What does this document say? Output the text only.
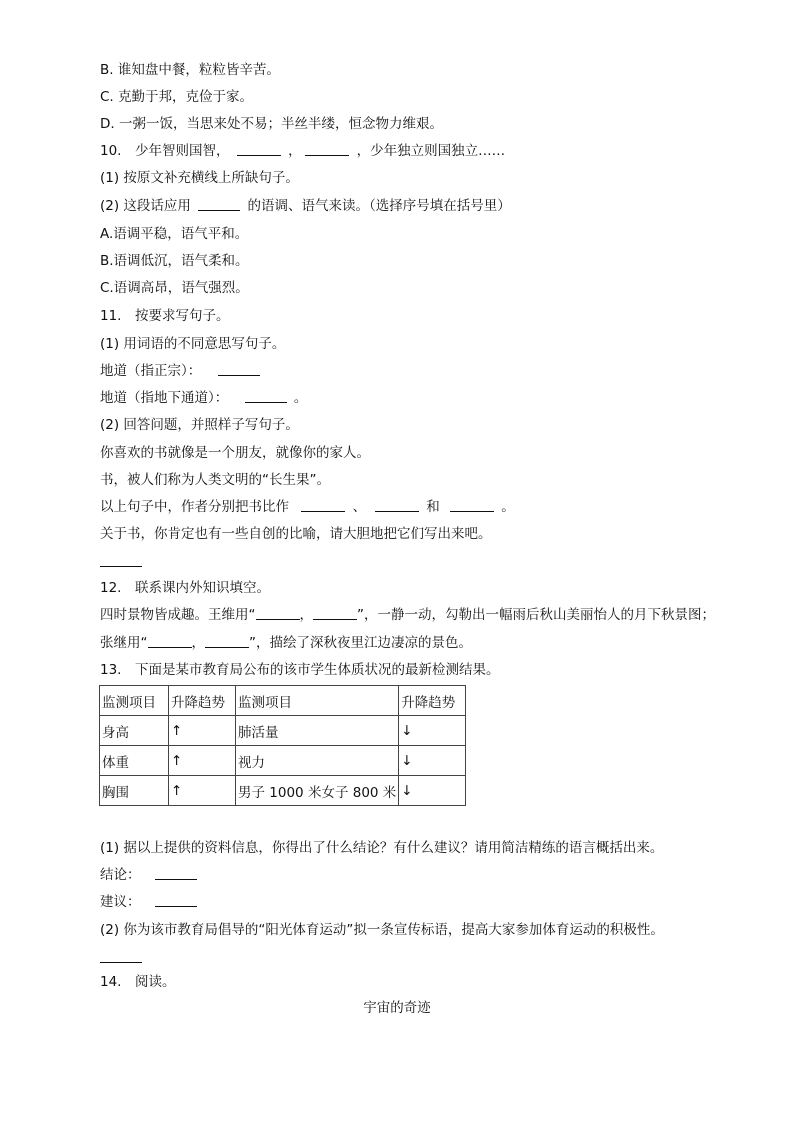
B. 谁知盘中餐，粒粒皆辛苦。
C. 克勤于邦，克俭于家。
D. 一粥一饭，当思来处不易；半丝半缕，恒念物力维艰。
10.　少年智则国智，	，	，少年独立则国独立……
(1) 按原文补充横线上所缺句子。
(2) 这段话应用	的语调、语气来读。（选择序号填在括号里）
A.语调平稳，语气平和。
B.语调低沉，语气柔和。
C.语调高昂，语气强烈。
11.　按要求写句子。
(1) 用词语的不同意思写句子。
地道（指正宗）：
地道（指地下通道）：	。
(2) 回答问题，并照样子写句子。
你喜欢的书就像是一个朋友，就像你的家人。
书，被人们称为人类文明的“长生果”。
以上句子中，作者分别把书比作	、	和	。
关于书，你肯定也有一些自创的比喻，请大胆地把它们写出来吧。
12.　联系课内外知识填空。
四时景物皆成趣。王维用“	，	”，一静一动，勾勒出一幅雨后秋山美丽怡人的月下秋景图；
张继用“	，	”，描绘了深秋夜里江边凄凉的景色。
13.　下面是某市教育局公布的该市学生体质状况的最新检测结果。
监测项目	升降趋势	监测项目	升降趋势
身高	↑	肺活量	↓
体重	↑	视力	↓
胸围	↑	男子 1000 米女子 800 米	↓
(1) 据以上提供的资料信息，你得出了什么结论？有什么建议？请用简洁精练的语言概括出来。
结论：
建议：
(2) 你为该市教育局倡导的“阳光体育运动”拟一条宣传标语，提高大家参加体育运动的积极性。
14.　阅读。
宇宙的奇迹
